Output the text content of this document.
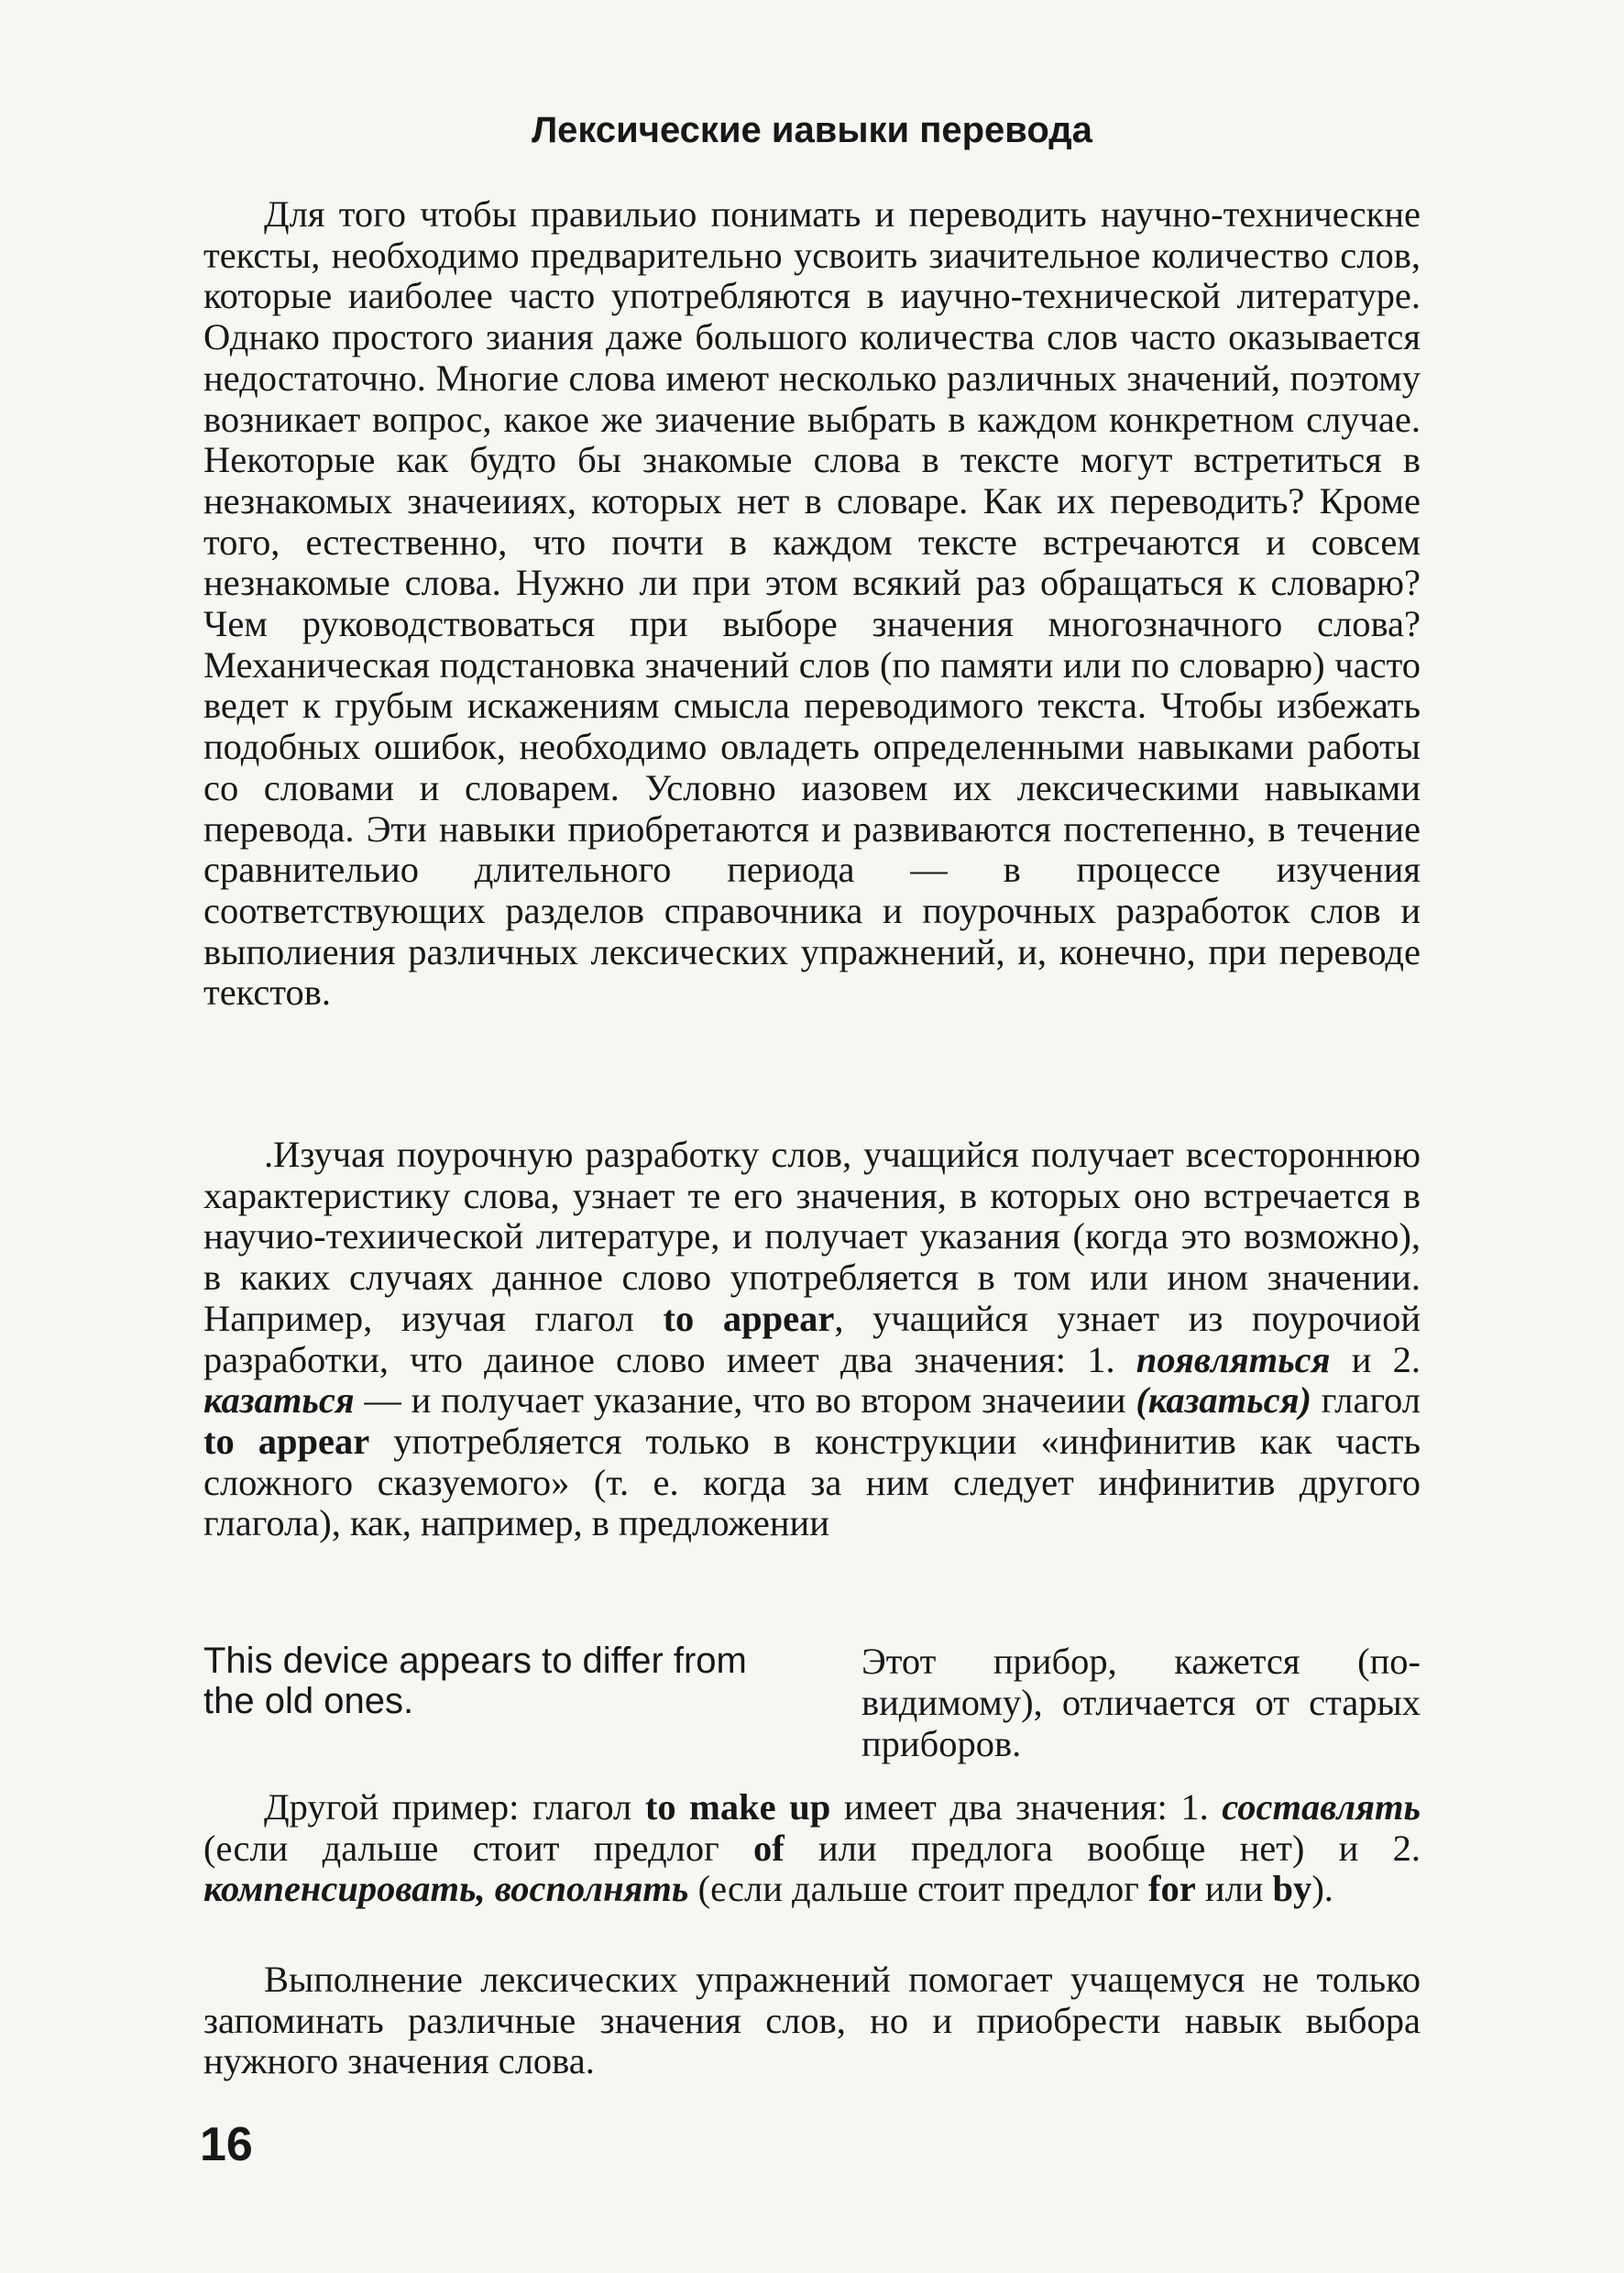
Лексические иавыки перевода

Для того чтобы правильио понимать и переводить научно-техническне тексты, необходимо предварительно усвоить зиачительное количество слов, которые иаиболее часто употребляются в иаучно-технической литературе. Однако простого зиания даже большого количества слов часто оказывается недостаточно. Многие слова имеют несколько различных значений, поэтому возникает вопрос, какое же зиачение выбрать в каждом конкретном случае. Некоторые как будто бы знакомые слова в тексте могут встретиться в незнакомых значеииях, которых нет в словаре. Как их переводить? Кроме того, естественно, что почти в каждом тексте встречаются и совсем незнакомые слова. Нужно ли при этом всякий раз обращаться к словарю? Чем руководствоваться при выборе значения многозначного слова? Механическая подстановка значений слов (по памяти или по словарю) часто ведет к грубым искажениям смысла переводимого текста. Чтобы избежать подобных ошибок, необходимо овладеть определенными навыками работы со словами и словарем. Условно иазовем их лексическими навыками перевода. Эти навыки приобретаются и развиваются постепенно, в течение сравнительио длительного периода — в процессе изучения соответствующих разделов справочника и поурочных разработок слов и выполиения различных лексических упражнений, и, конечно, при переводе текстов.

.Изучая поурочную разработку слов, учащийся получает всестороннюю характеристику слова, узнает те его значения, в которых оно встречается в научио-техиической литературе, и получает указания (когда это возможно), в каких случаях данное слово употребляется в том или ином значении. Например, изучая глагол to appear, учащийся узнает из поурочиой разработки, что даиное слово имеет два значения: 1. появляться и 2. казаться — и получает указание, что во втором значеиии (казаться) глагол to appear употребляется только в конструкции «инфинитив как часть сложного сказуемого» (т. е. когда за ним следует инфинитив другого глагола), как, например, в предложении

This device appears to differ from the old ones.
Этот прибор, кажется (по-видимому), отличается от старых приборов.

Другой пример: глагол to make up имеет два значения: 1. составлять (если дальше стоит предлог of или предлога вообще нет) и 2. компенсировать, восполнять (если дальше стоит предлог for или by).

Выполнение лексических упражнений помогает учащемуся не только запоминать различные значения слов, но и приобрести навык выбора нужного значения слова.

16
